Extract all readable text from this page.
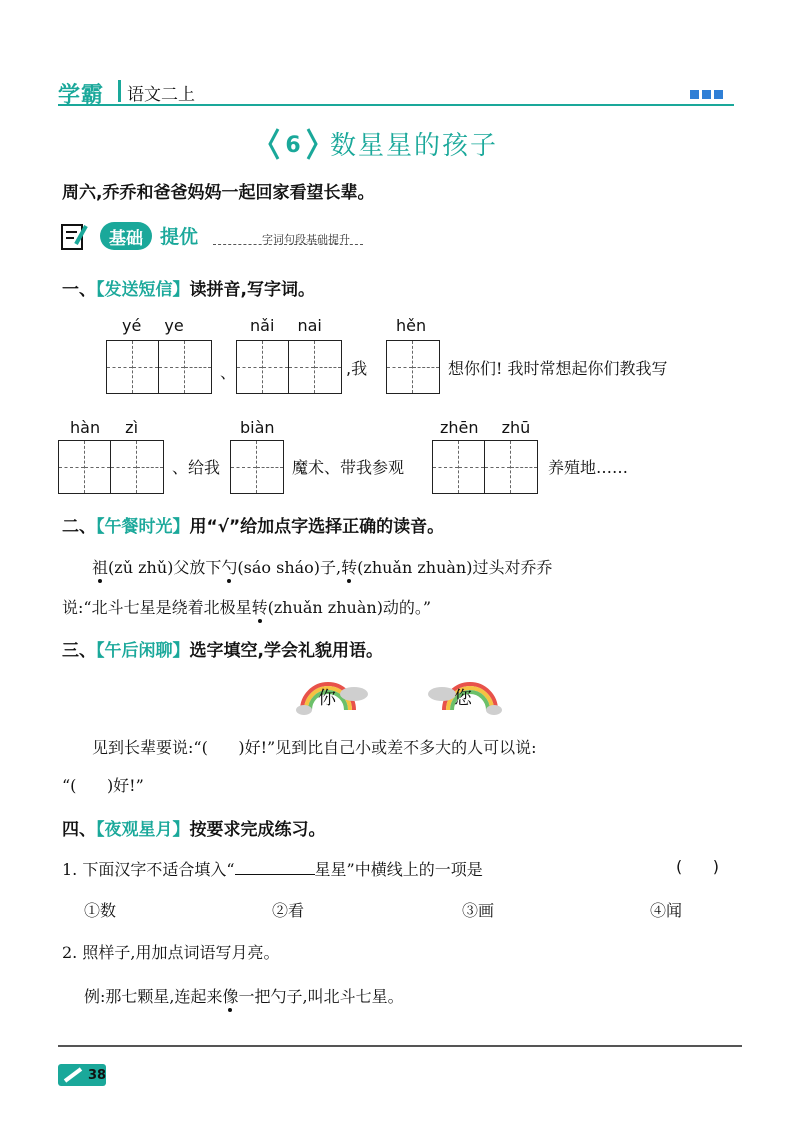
学霸 语文二上
6 数星星的孩子
周六,乔乔和爸爸妈妈一起回家看望长辈。
基础 提优	字词句段基础提升
一、【发送短信】读拼音,写字词。
yé ye	nǎi nai	hěn
、	,我	想你们! 我时常想起你们教我写
hàn zì	biàn	zhēn zhū
、给我	魔术、带我参观	养殖地……
二、【午餐时光】用“√”给加点字选择正确的读音。
祖(zǔ zhǔ)父放下勺(sáo sháo)子,转(zhuǎn zhuàn)过头对乔乔
说:“北斗七星是绕着北极星转(zhuǎn zhuàn)动的。”
三、【午后闲聊】选字填空,学会礼貌用语。
你	您
见到长辈要说:“(      )好!”见到比自己小或差不多大的人可以说:
“(      )好!”
四、【夜观星月】按要求完成练习。
1. 下面汉字不适合填入“	星星”中横线上的一项是	(      )
①数	②看	③画	④闻
2. 照样子,用加点词语写月亮。
例:那七颗星,连起来像一把勺子,叫北斗七星。
38
